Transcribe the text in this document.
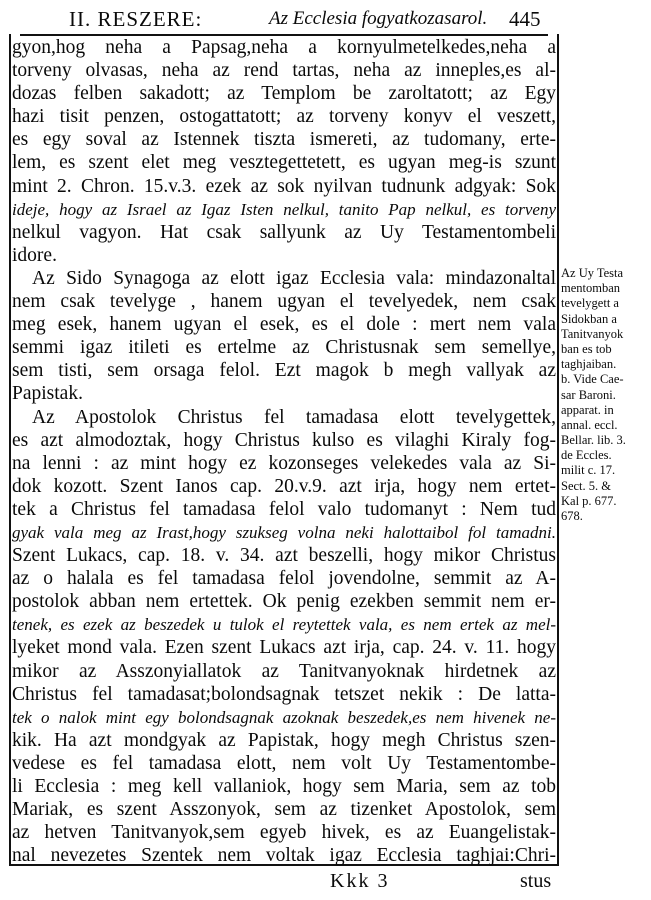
II. RESZERE:	Az Ecclesia fogyatkozasarol. 445
gyon,hog neha a Papsag,neha a kornyulmetelkedes,neha a
torveny olvasas, neha az rend tartas, neha az inneples,es al-
dozas felben sakadott; az Templom be zaroltatott; az Egy
hazi tisit penzen, ostogattatott; az torveny konyv el veszett,
es egy soval az Istennek tiszta ismereti, az tudomany, erte-
lem, es szent elet meg vesztegettetett, es ugyan meg-is szunt
mint 2. Chron. 15.v.3. ezek az sok nyilvan tudnunk adgyak: Sok
ideje, hogy az Israel az Igaz Isten nelkul, tanito Pap nelkul, es torveny
nelkul vagyon. Hat csak sallyunk az Uy Testamentombeli
idore.
Az Sido Synagoga az elott igaz Ecclesia vala: mindazonaltal
nem csak tevelyge , hanem ugyan el tevelyedek, nem csak
meg esek, hanem ugyan el esek, es el dole : mert nem vala
semmi igaz itileti es ertelme az Christusnak sem semellye,
sem tisti, sem orsaga felol. Ezt magok b megh vallyak az
Papistak.
Az Apostolok Christus fel tamadasa elott tevelygettek,
es azt almodoztak, hogy Christus kulso es vilaghi Kiraly fog-
na lenni : az mint hogy ez kozonseges velekedes vala az Si-
dok kozott. Szent Ianos cap. 20.v.9. azt irja, hogy nem ertet-
tek a Christus fel tamadasa felol valo tudomanyt : Nem tud
gyak vala meg az Irast,hogy szukseg volna neki halottaibol fol tamadni.
Szent Lukacs, cap. 18. v. 34. azt beszelli, hogy mikor Christus
az o halala es fel tamadasa felol jovendolne, semmit az A-
postolok abban nem ertettek. Ok penig ezekben semmit nem er-
tenek, es ezek az beszedek u tulok el reytettek vala, es nem ertek az mel-
lyeket mond vala. Ezen szent Lukacs azt irja, cap. 24. v. 11. hogy
mikor az Asszonyiallatok az Tanitvanyoknak hirdetnek az
Christus fel tamadasat;bolondsagnak tetszet nekik : De latta-
tek o nalok mint egy bolondsagnak azoknak beszedek,es nem hivenek ne-
kik. Ha azt mondgyak az Papistak, hogy megh Christus szen-
vedese es fel tamadasa elott, nem volt Uy Testamentombe-
li Ecclesia : meg kell vallaniok, hogy sem Maria, sem az tob
Mariak, es szent Asszonyok, sem az tizenket Apostolok, sem
az hetven Tanitvanyok,sem egyeb hivek, es az Euangelistak-
nal nevezetes Szentek nem voltak igaz Ecclesia taghjai:Chri-
Az Uy Testa
mentomban
tevelygett a
Sidokban a
Tanitvanyok
ban es tob
taghjaiban.
b. Vide Cae-
sar Baroni.
apparat. in
annal. eccl.
Bellar. lib. 3.
de Eccles.
milit c. 17.
Sect. 5. &
Kal p. 677.
678.
Kkk 3	stus
